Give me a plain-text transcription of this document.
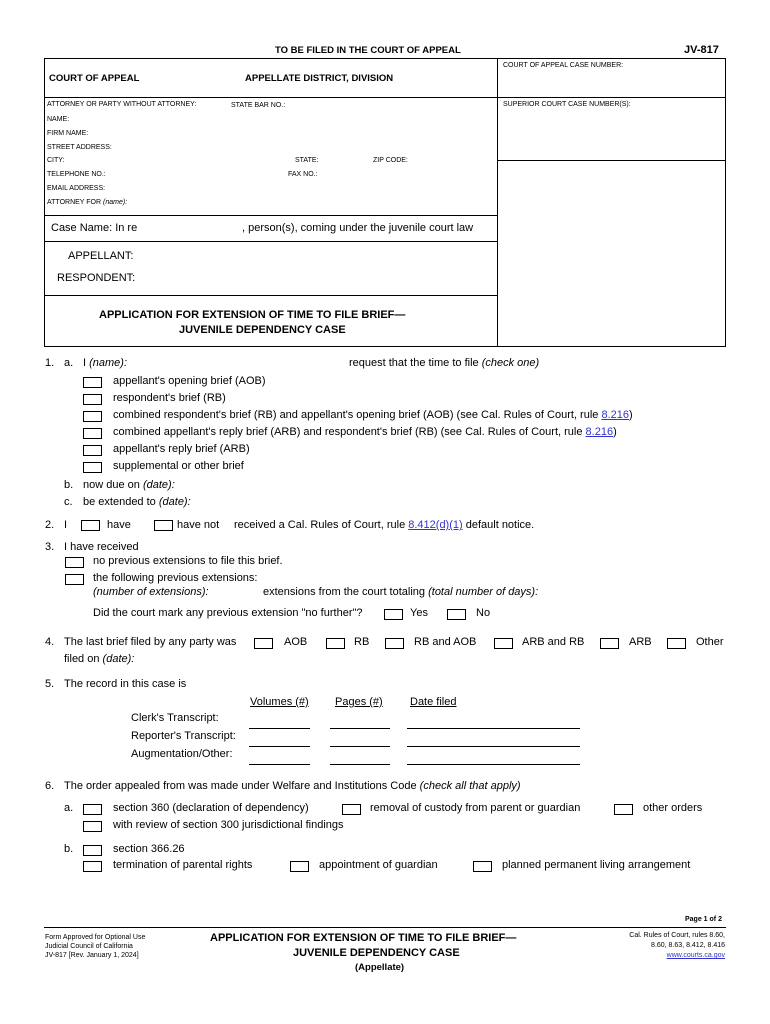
TO BE FILED IN THE COURT OF APPEAL	JV-817
COURT OF APPEAL	APPELLATE DISTRICT, DIVISION
COURT OF APPEAL CASE NUMBER:
SUPERIOR COURT CASE NUMBER(S):
ATTORNEY OR PARTY WITHOUT ATTORNEY:	STATE BAR NO.:
NAME:
FIRM NAME:
STREET ADDRESS:
CITY:	STATE:	ZIP CODE:
TELEPHONE NO.:	FAX NO.:
EMAIL ADDRESS:
ATTORNEY FOR (name):
Case Name: In re	, person(s), coming under the juvenile court law
APPELLANT:
RESPONDENT:
APPLICATION FOR EXTENSION OF TIME TO FILE BRIEF—
JUVENILE DEPENDENCY CASE
1. a. I (name):	request that the time to file (check one)
appellant's opening brief (AOB)
respondent's brief (RB)
combined respondent's brief (RB) and appellant's opening brief (AOB) (see Cal. Rules of Court, rule 8.216)
combined appellant's reply brief (ARB) and respondent's brief (RB) (see Cal. Rules of Court, rule 8.216)
appellant's reply brief (ARB)
supplemental or other brief
b. now due on (date):
c. be extended to (date):
2. I	have	have not received a Cal. Rules of Court, rule 8.412(d)(1) default notice.
3. I have received
no previous extensions to file this brief.
the following previous extensions:
(number of extensions):	extensions from the court totaling (total number of days):
Did the court mark any previous extension "no further"?	Yes	No
4. The last brief filed by any party was	AOB	RB	RB and AOB	ARB and RB	ARB	Other
filed on (date):
5. The record in this case is
Volumes (#) Pages (#) Date filed
Clerk's Transcript:
Reporter's Transcript:
Augmentation/Other:
6. The order appealed from was made under Welfare and Institutions Code (check all that apply)
a.	section 360 (declaration of dependency)	removal of custody from parent or guardian	other orders
with review of section 300 jurisdictional findings
b.	section 366.26
termination of parental rights	appointment of guardian	planned permanent living arrangement
Page 1 of 2
Form Approved for Optional Use
Judicial Council of California
JV-817 [Rev. January 1, 2024]
APPLICATION FOR EXTENSION OF TIME TO FILE BRIEF—
JUVENILE DEPENDENCY CASE
(Appellate)
Cal. Rules of Court, rules 8.60,
8.60, 8.63, 8.412, 8.416
www.courts.ca.gov
